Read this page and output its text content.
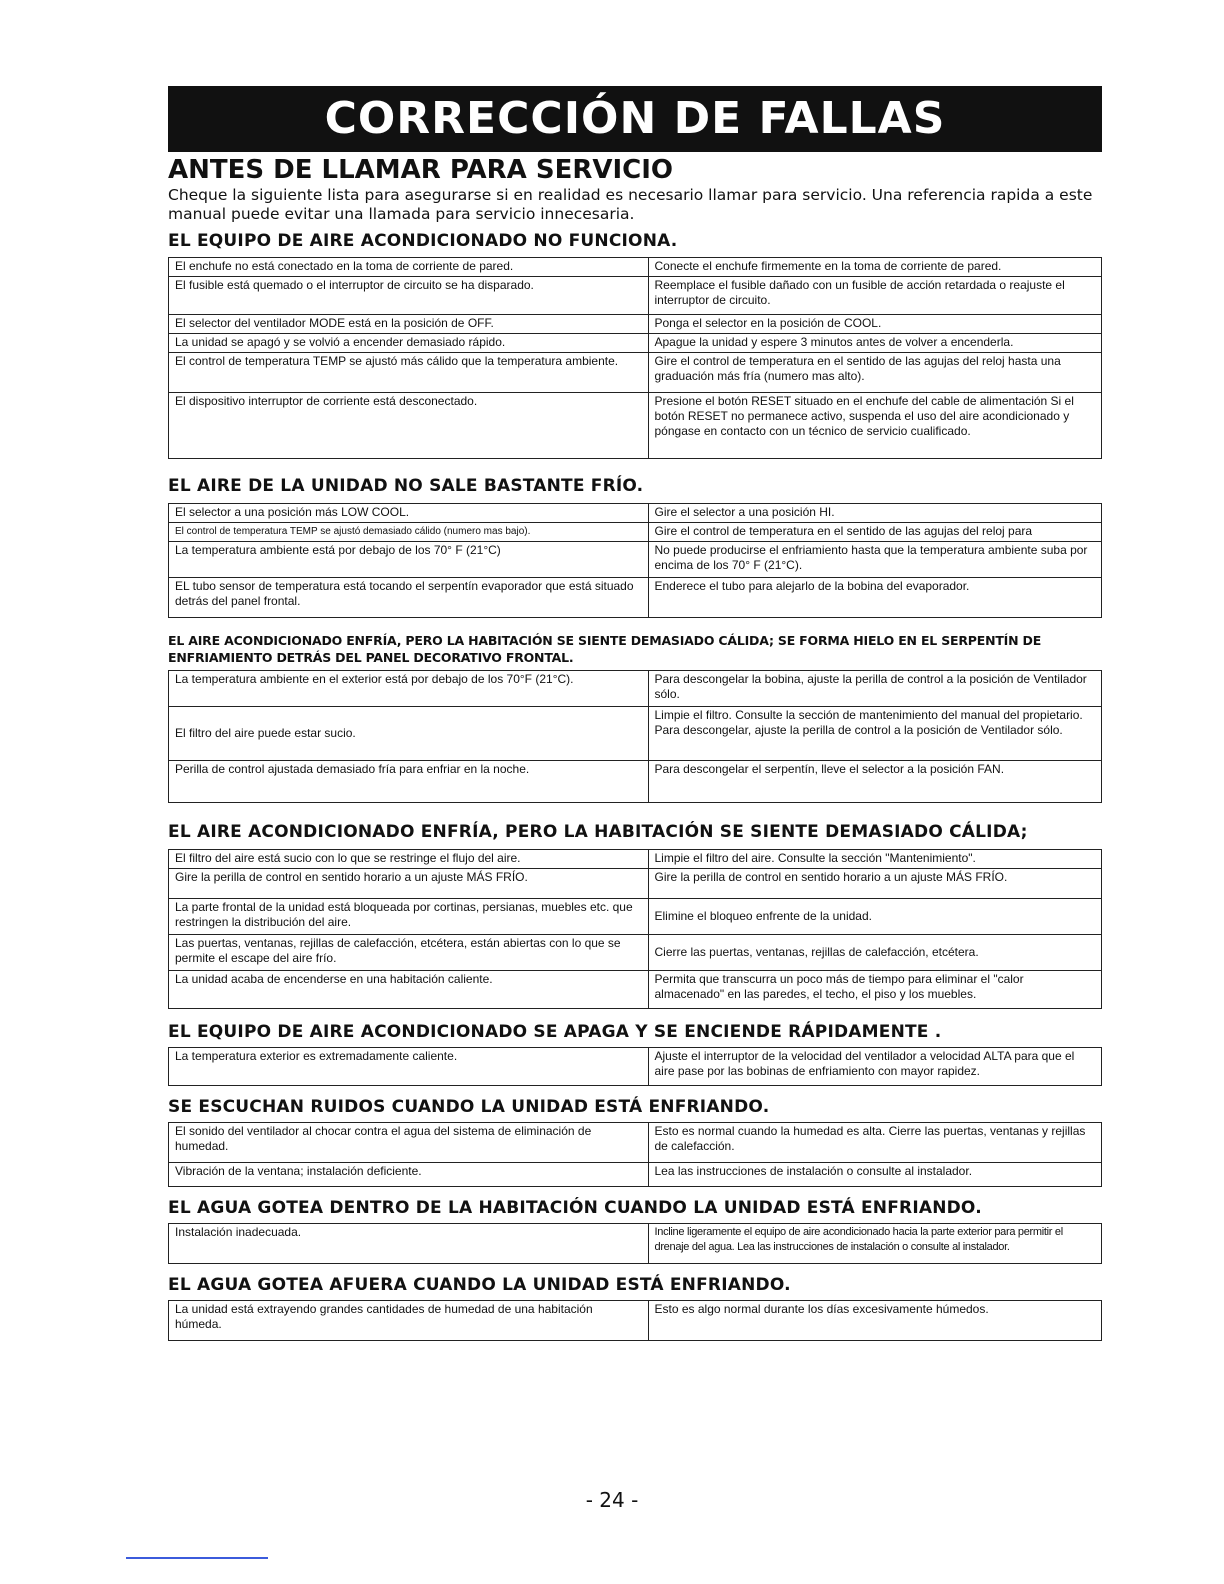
CORRECCIÓN DE FALLAS
ANTES DE LLAMAR PARA SERVICIO

Cheque la siguiente lista para asegurarse si en realidad es necesario llamar para servicio. Una referencia rapida a este manual puede evitar una llamada para servicio innecesaria.

EL EQUIPO DE AIRE ACONDICIONADO NO FUNCIONA.
El enchufe no está conectado en la toma de corriente de pared.	Conecte el enchufe firmemente en la toma de corriente de pared.
El fusible está quemado o el interruptor de circuito se ha disparado.	Reemplace el fusible dañado con un fusible de acción retardada o reajuste el interruptor de circuito.
El selector del ventilador MODE está en la posición de OFF.	Ponga el selector en la posición de COOL.
La unidad se apagó y se volvió a encender demasiado rápido.	Apague la unidad y espere 3 minutos antes de volver a encenderla.
El control de temperatura TEMP se ajustó más cálido que la temperatura ambiente.	Gire el control de temperatura en el sentido de las agujas del reloj hasta una graduación más fría (numero mas alto).
El dispositivo interruptor de corriente está desconectado.	Presione el botón RESET situado en el enchufe del cable de alimentación Si el botón RESET no permanece activo, suspenda el uso del aire acondicionado y póngase en contacto con un técnico de servicio cualificado.
EL AIRE DE LA UNIDAD NO SALE BASTANTE FRÍO.
El selector a una posición más LOW COOL.	Gire el selector a una posición HI.
El control de temperatura TEMP se ajustó demasiado cálido (numero mas bajo).	Gire el control de temperatura en el sentido de las agujas del reloj para
La temperatura ambiente está por debajo de los 70° F (21°C)	No puede producirse el enfriamiento hasta que la temperatura ambiente suba por encima de los 70° F (21°C).
EL tubo sensor de temperatura está tocando el serpentín evaporador que está situado detrás del panel frontal.	Enderece el tubo para alejarlo de la bobina del evaporador.
EL AIRE ACONDICIONADO ENFRÍA, PERO LA HABITACIÓN SE SIENTE DEMASIADO CÁLIDA; SE FORMA HIELO EN EL SERPENTÍN DE ENFRIAMIENTO DETRÁS DEL PANEL DECORATIVO FRONTAL.
La temperatura ambiente en el exterior está por debajo de los 70°F (21°C).	Para descongelar la bobina, ajuste la perilla de control a la posición de Ventilador sólo.
El filtro del aire puede estar sucio.	Limpie el filtro. Consulte la sección de mantenimiento del manual del propietario. Para descongelar, ajuste la perilla de control a la posición de Ventilador sólo.
Perilla de control ajustada demasiado fría para enfriar en la noche.	Para descongelar el serpentín, lleve el selector a la posición FAN.
EL AIRE ACONDICIONADO ENFRÍA, PERO LA HABITACIÓN SE SIENTE DEMASIADO CÁLIDA;
El filtro del aire está sucio con lo que se restringe el flujo del aire.	Limpie el filtro del aire. Consulte la sección "Mantenimiento".
Gire la perilla de control en sentido horario a un ajuste MÁS FRÍO.	Gire la perilla de control en sentido horario a un ajuste MÁS FRÍO.
La parte frontal de la unidad está bloqueada por cortinas, persianas, muebles etc. que restringen la distribución del aire.	Elimine el bloqueo enfrente de la unidad.
Las puertas, ventanas, rejillas de calefacción, etcétera, están abiertas con lo que se permite el escape del aire frío.	Cierre las puertas, ventanas, rejillas de calefacción, etcétera.
La unidad acaba de encenderse en una habitación caliente.	Permita que transcurra un poco más de tiempo para eliminar el "calor almacenado" en las paredes, el techo, el piso y los muebles.
EL EQUIPO DE AIRE ACONDICIONADO SE APAGA Y SE ENCIENDE RÁPIDAMENTE .
La temperatura exterior es extremadamente caliente.	Ajuste el interruptor de la velocidad del ventilador a velocidad ALTA para que el aire pase por las bobinas de enfriamiento con mayor rapidez.
SE ESCUCHAN RUIDOS CUANDO LA UNIDAD ESTÁ ENFRIANDO.
El sonido del ventilador al chocar contra el agua del sistema de eliminación de humedad.	Esto es normal cuando la humedad es alta. Cierre las puertas, ventanas y rejillas de calefacción.
Vibración de la ventana; instalación deficiente.	Lea las instrucciones de instalación o consulte al instalador.
EL AGUA GOTEA DENTRO DE LA HABITACIÓN CUANDO LA UNIDAD ESTÁ ENFRIANDO.
Instalación inadecuada.	Incline ligeramente el equipo de aire acondicionado hacia la parte exterior para permitir el drenaje del agua. Lea las instrucciones de instalación o consulte al instalador.
EL AGUA GOTEA AFUERA CUANDO LA UNIDAD ESTÁ ENFRIANDO.
La unidad está extrayendo grandes cantidades de humedad de una habitación húmeda.	Esto es algo normal durante los días excesivamente húmedos.
- 24 -
